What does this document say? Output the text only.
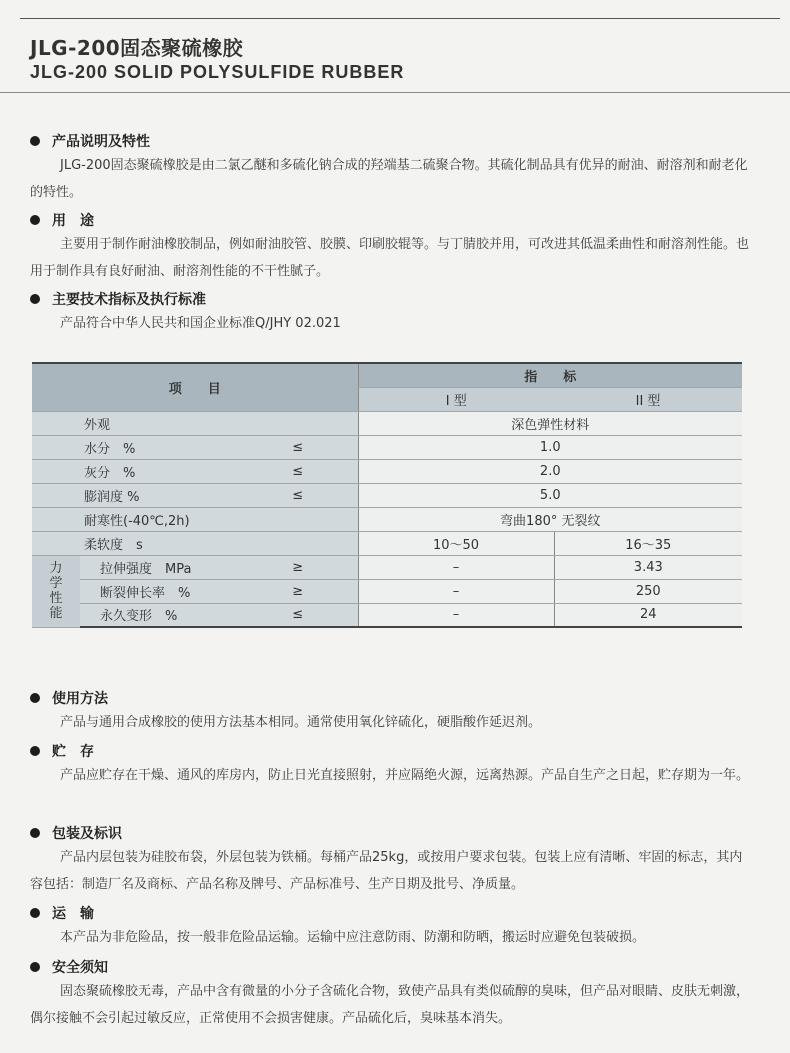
JLG-200固态聚硫橡胶
JLG-200 SOLID POLYSULFIDE RUBBER
产品说明及特性
JLG-200固态聚硫橡胶是由二氯乙醚和多硫化钠合成的羟端基二硫聚合物。其硫化制品具有优异的耐油、耐溶剂和耐老化的特性。
用　途
主要用于制作耐油橡胶制品，例如耐油胶管、胶膜、印刷胶辊等。与丁腈胶并用，可改进其低温柔曲性和耐溶剂性能。也用于制作具有良好耐油、耐溶剂性能的不干性腻子。
主要技术指标及执行标准
产品符合中华人民共和国企业标准Q/JHY 02.021
项　　目			指　　标	
			I 型	II 型
外观			深色弹性材料	
水分　%		≤	1.0	
灰分　%		≤	2.0	
膨润度 %		≤	5.0	
耐寒性(-40℃,2h)			弯曲180° 无裂纹	
柔软度　s			10～50	16～35
力学性能	拉伸强度　MPa	≥	–	3.43
	断裂伸长率　%	≥	–	250
	永久变形　%	≤	–	24
使用方法
产品与通用合成橡胶的使用方法基本相同。通常使用氧化锌硫化，硬脂酸作延迟剂。
贮　存
产品应贮存在干燥、通风的库房内，防止日光直接照射，并应隔绝火源，远离热源。产品自生产之日起，贮存期为一年。
包装及标识
产品内层包装为硅胶布袋，外层包装为铁桶。每桶产品25kg，或按用户要求包装。包装上应有清晰、牢固的标志，其内容包括：制造厂名及商标、产品名称及牌号、产品标准号、生产日期及批号、净质量。
运　输
本产品为非危险品，按一般非危险品运输。运输中应注意防雨、防潮和防晒，搬运时应避免包装破损。
安全须知
固态聚硫橡胶无毒，产品中含有微量的小分子含硫化合物，致使产品具有类似硫醇的臭味，但产品对眼睛、皮肤无刺激，偶尔接触不会引起过敏反应，正常使用不会损害健康。产品硫化后，臭味基本消失。
